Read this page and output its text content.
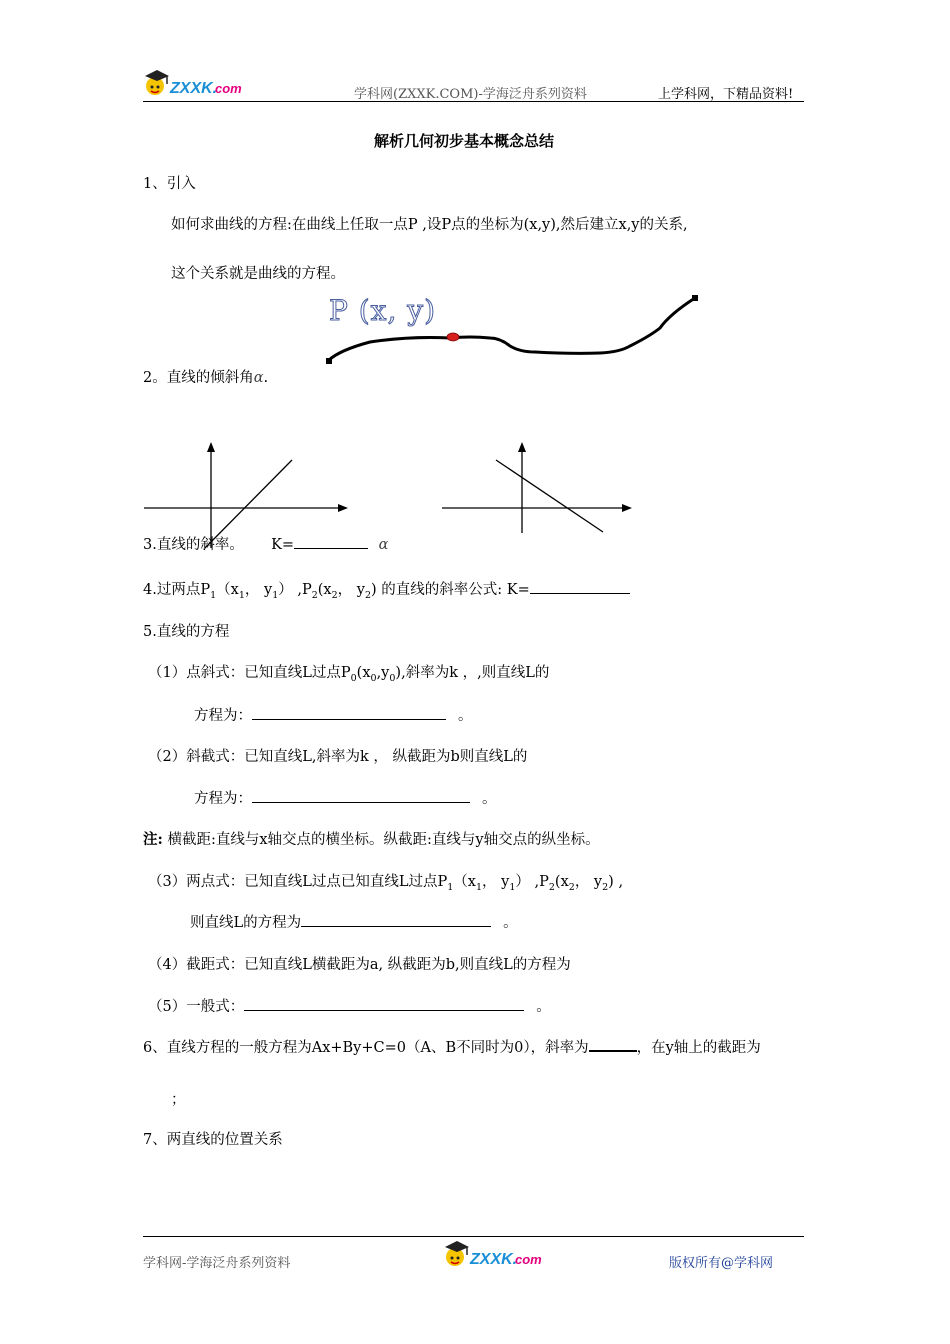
ZXXK.
com	学科网(ZXXK.COM)-学海泛舟系列资料	上学科网，下精品资料!
解析几何初步基本概念总结
1、引入
如何求曲线的方程:在曲线上任取一点P ,设P点的坐标为(x,y),然后建立x,y的关系,
这个关系就是曲线的方程。
P (x, y)
2。直线的倾斜角α.
3.直线的斜率。 K=	α
4.过两点$P_1(x_1$， $y_1$） $,P_2(x_2$， $y_2$) 的直线的斜率公式: K=
5.直线的方程
（1）点斜式：已知直线L过点$P_0(x_0,y_0)$,斜率为k ，,则直线L的
方程为：	。
（2）斜截式：已知直线L,斜率为k ， 纵截距为b则直线L的
方程为：	。
注: 横截距:直线与x轴交点的横坐标。纵截距:直线与y轴交点的纵坐标。
（3）两点式：已知直线L过点已知直线L过点$P_1(x_1$， $y_1$） $,P_2(x_2$， $y_2$) ,
则直线L的方程为	。
（4）截距式：已知直线L横截距为a, 纵截距为b,则直线L的方程为
（5）一般式：	。
6、直线方程的一般方程为Ax+By+C=0（A、B不同时为0），斜率为	，在y轴上的截距为
；
7、两直线的位置关系
学科网-学海泛舟系列资料	ZXXK.
com	版权所有@学科网
